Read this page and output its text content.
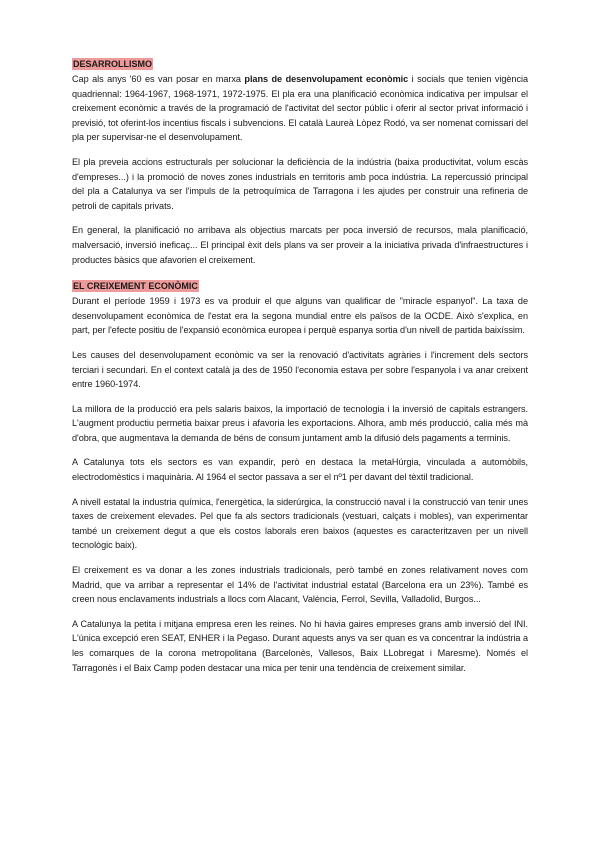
DESARROLLISMO

Cap als anys '60 es van posar en marxa plans de desenvolupament econòmic i socials que tenien vigència quadriennal: 1964-1967, 1968-1971, 1972-1975. El pla era una planificació econòmica indicativa per impulsar el creixement econòmic a través de la programació de l'activitat del sector públic i oferir al sector privat informació i previsió, tot oferint-los incentius fiscals i subvencions. El català Laureà Lòpez Rodó, va ser nomenat comissari del pla per supervisar-ne el desenvolupament.

El pla preveia accions estructurals per solucionar la deficiència de la indústria (baixa productivitat, volum escàs d'empreses...) i la promoció de noves zones industrials en territoris amb poca indústria. La repercussió principal del pla a Catalunya va ser l'impuls de la petroquímica de Tarragona i les ajudes per construir una refineria de petroli de capitals privats.

En general, la planificació no arribava als objectius marcats per poca inversió de recursos, mala planificació, malversació, inversió ineficaç... El principal èxit dels plans va ser proveir a la iniciativa privada d'infraestructures i productes bàsics que afavorien el creixement.

EL CREIXEMENT ECONÒMIC

Durant el període 1959 i 1973 es va produir el que alguns van qualificar de "miracle espanyol". La taxa de desenvolupament econòmica de l'estat era la segona mundial entre els països de la OCDE. Això s'explica, en part, per l'efecte positiu de l'expansió econòmica europea i perquè espanya sortia d'un nivell de partida baixíssim.

Les causes del desenvolupament econòmic va ser la renovació d'activitats agràries i l'increment dels sectors terciari i secundari. En el context català ja des de 1950 l'economia estava per sobre l'espanyola i va anar creixent entre 1960-1974.

La millora de la producció era pels salaris baixos, la importació de tecnologia i la inversió de capitals estrangers. L'augment productiu permetia baixar preus i afavoria les exportacions. Alhora, amb més producció, calia més mà d'obra, que augmentava la demanda de béns de consum juntament amb la difusió dels pagaments a terminis.

A Catalunya tots els sectors es van expandir, però en destaca la metaHúrgia, vinculada a automòbils, electrodomèstics i maquinària. Al 1964 el sector passava a ser el nº1 per davant del tèxtil tradicional.

A nivell estatal la industria química, l'energètica, la siderúrgica, la construcció naval i la construcció van tenir unes taxes de creixement elevades. Pel que fa als sectors tradicionals (vestuari, calçats i mobles), van experimentar també un creixement degut a que els costos laborals eren baixos (aquestes es caracteritzaven per un nivell tecnològic baix).

El creixement es va donar a les zones industrials tradicionals, però també en zones relativament noves com Madrid, que va arribar a representar el 14% de l'activitat industrial estatal (Barcelona era un 23%). També es creen nous enclavaments industrials a llocs com Alacant, València, Ferrol, Sevilla, Valladolid, Burgos...

A Catalunya la petita i mitjana empresa eren les reines. No hi havia gaires empreses grans amb inversió del INI. L'única excepció eren SEAT, ENHER i la Pegaso. Durant aquests anys va ser quan es va concentrar la indústria a les comarques de la corona metropolitana (Barcelonès, Vallesos, Baix LLobregat i Maresme). Només el Tarragonès i el Baix Camp poden destacar una mica per tenir una tendència de creixement similar.
